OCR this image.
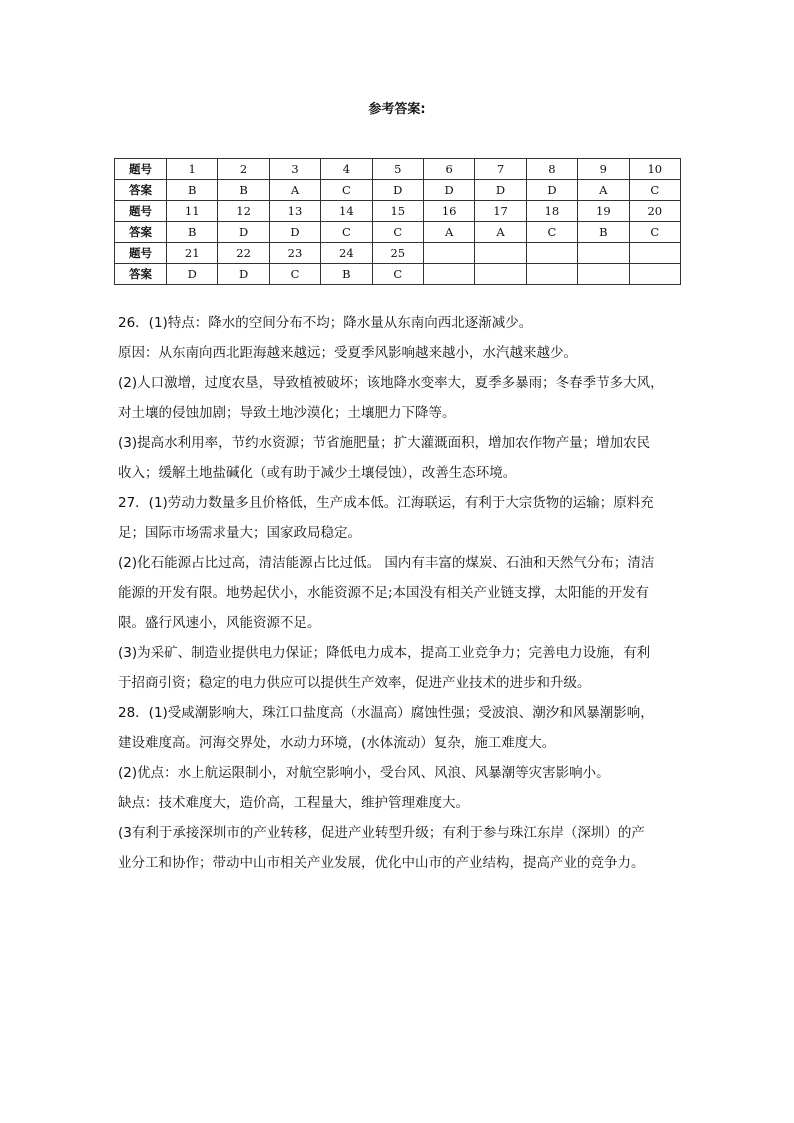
参考答案:
题号	1	2	3	4	5	6	7	8	9	10
答案	B	B	A	C	D	D	D	D	A	C
题号	11	12	13	14	15	16	17	18	19	20
答案	B	D	D	C	C	A	A	C	B	C
题号	21	22	23	24	25					
答案	D	D	C	B	C					

26．(1)特点：降水的空间分布不均；降水量从东南向西北逐渐减少。

原因：从东南向西北距海越来越远；受夏季风影响越来越小，水汽越来越少。

(2)人口激增，过度农垦，导致植被破坏；该地降水变率大，夏季多暴雨；冬春季节多大风，

对土壤的侵蚀加剧；导致土地沙漠化；土壤肥力下降等。

(3)提高水利用率，节约水资源；节省施肥量；扩大灌溉面积，增加农作物产量；增加农民

收入；缓解土地盐碱化（或有助于减少土壤侵蚀），改善生态环境。

27．(1)劳动力数量多且价格低，生产成本低。江海联运，有利于大宗货物的运输；原料充

足；国际市场需求量大；国家政局稳定。

(2)化石能源占比过高，清洁能源占比过低。 国内有丰富的煤炭、石油和天然气分布；清洁

能源的开发有限。地势起伏小，水能资源不足;本国没有相关产业链支撑，太阳能的开发有

限。盛行风速小，风能资源不足。

(3)为采矿、制造业提供电力保证；降低电力成本，提高工业竞争力；完善电力设施，有利

于招商引资；稳定的电力供应可以提供生产效率，促进产业技术的进步和升级。

28．(1)受咸潮影响大，珠江口盐度高（水温高）腐蚀性强；受波浪、潮汐和风暴潮影响，

建设难度高。河海交界处，水动力环境，(水体流动）复杂，施工难度大。

(2)优点：水上航运限制小，对航空影响小，受台风、风浪、风暴潮等灾害影响小。

缺点：技术难度大，造价高，工程量大，维护管理难度大。

(3有利于承接深圳市的产业转移，促进产业转型升级；有利于参与珠江东岸（深圳）的产

业分工和协作；带动中山市相关产业发展，优化中山市的产业结构，提高产业的竞争力。
